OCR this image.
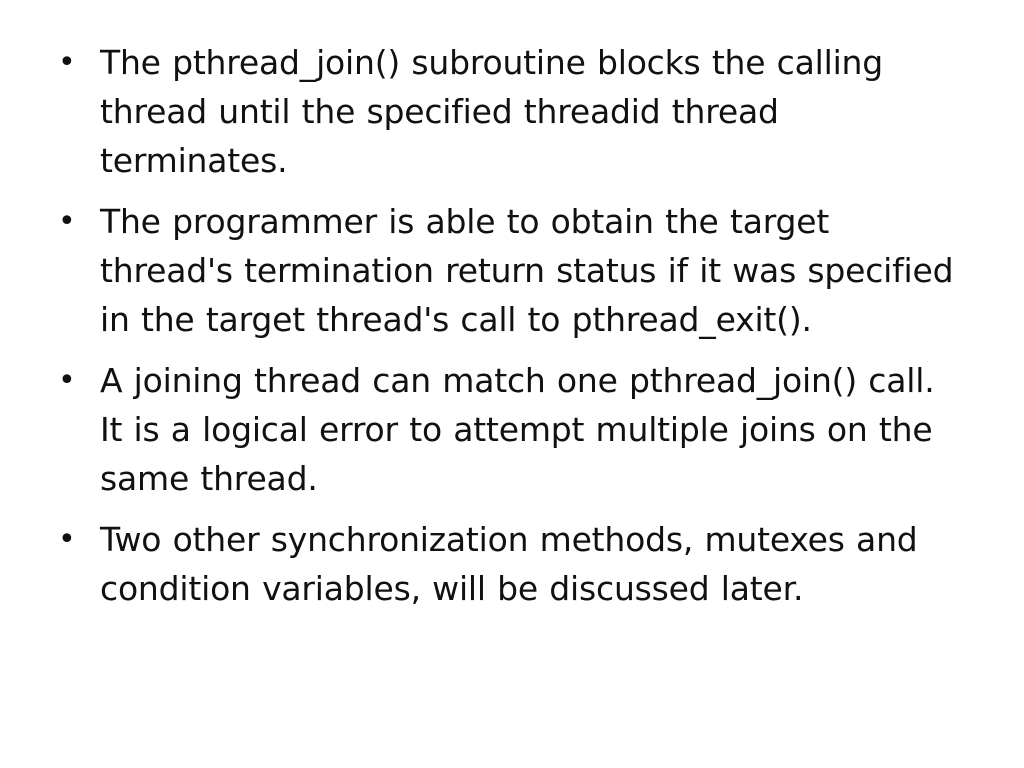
• The pthread_join() subroutine blocks the calling thread until the specified threadid thread terminates.
• The programmer is able to obtain the target thread's termination return status if it was specified in the target thread's call to pthread_exit().
• A joining thread can match one pthread_join() call. It is a logical error to attempt multiple joins on the same thread.
• Two other synchronization methods, mutexes and condition variables, will be discussed later.
